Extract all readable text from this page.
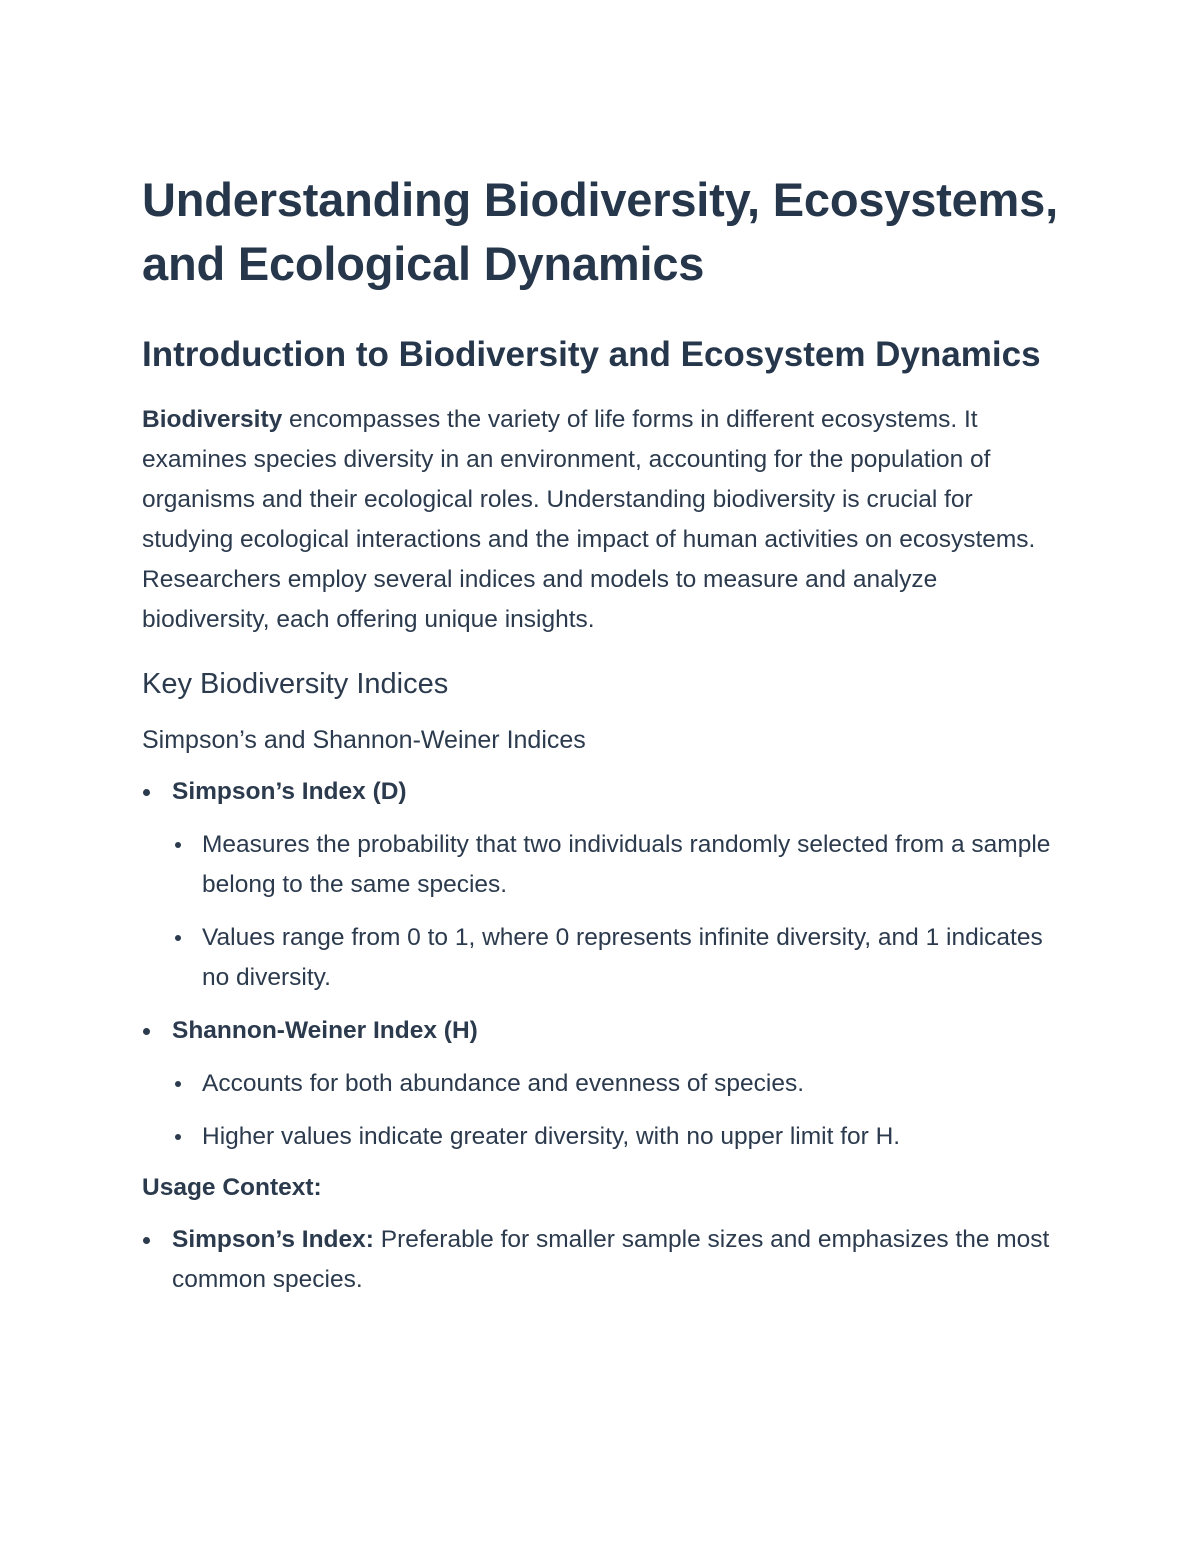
Understanding Biodiversity, Ecosystems, and Ecological Dynamics
Introduction to Biodiversity and Ecosystem Dynamics

Biodiversity encompasses the variety of life forms in different ecosystems. It examines species diversity in an environment, accounting for the population of organisms and their ecological roles. Understanding biodiversity is crucial for studying ecological interactions and the impact of human activities on ecosystems. Researchers employ several indices and models to measure and analyze biodiversity, each offering unique insights.

Key Biodiversity Indices
Simpson’s and Shannon-Weiner Indices
Simpson’s Index (D)
Measures the probability that two individuals randomly selected from a sample belong to the same species.
Values range from 0 to 1, where 0 represents infinite diversity, and 1 indicates no diversity.
Shannon-Weiner Index (H)
Accounts for both abundance and evenness of species.
Higher values indicate greater diversity, with no upper limit for H.

Usage Context:

Simpson’s Index: Preferable for smaller sample sizes and emphasizes the most common species.
